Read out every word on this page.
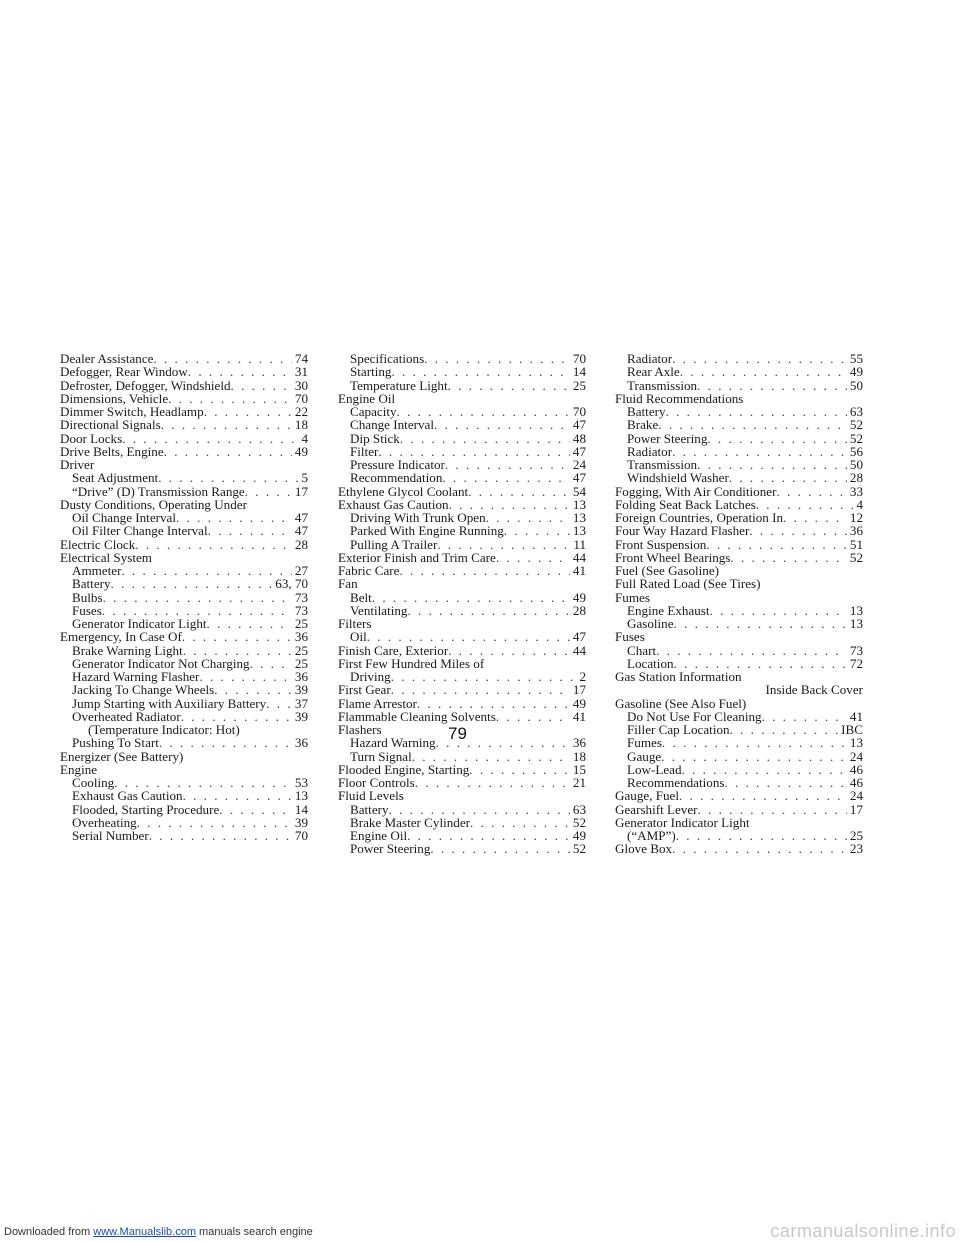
Downloaded from www.Manualslib.com manuals search engine
Dealer Assistance . . .	74
Defogger, Rear Window . . .	31
Defroster, Defogger, Windshield . . .	30
Dimensions, Vehicle . . .	70
Dimmer Switch, Headlamp . . .	22
Directional Signals . . .	18
Door Locks . . .	4
Drive Belts, Engine . . .	49
Driver
Seat Adjustment . . .	5
“Drive” (D) Transmission Range . . .	17
Dusty Conditions, Operating Under
Oil Change Interval . . .	47
Oil Filter Change Interval . . .	47
Electric Clock . . .	28
Electrical System
Ammeter . . .	27
Battery . . .	63, 70
Bulbs . . .	73
Fuses . . .	73
Generator Indicator Light . . .	25
Emergency, In Case Of . . .	36
Brake Warning Light . . .	25
Generator Indicator Not Charging . . .	25
Hazard Warning Flasher . . .	36
Jacking To Change Wheels . . .	39
Jump Starting with Auxiliary Battery . . . 37
Overheated Radiator . . .	39
(Temperature Indicator: Hot)
Pushing To Start . . .	36
Energizer (See Battery)
Engine
Cooling . . .	53
Exhaust Gas Caution . . .	13
Flooded, Starting Procedure . . .	14
Overheating . . .	39
Serial Number . . .	70
Specifications . . .	70
Starting . . .	14
Temperature Light . . .	25
Engine Oil
Capacity . . .	70
Change Interval . . .	47
Dip Stick . . .	48
Filter . . .	47
Pressure Indicator . . .	24
Recommendation . . .	47
Ethylene Glycol Coolant . . .	54
Exhaust Gas Caution . . .	13
Driving With Trunk Open . . .	13
Parked With Engine Running . . .	13
Pulling A Trailer . . .	11
Exterior Finish and Trim Care . . .	44
Fabric Care . . .	41
Fan
Belt . . .	49
Ventilating . . .	28
Filters
Oil . . .	47
Finish Care, Exterior . . .	44
First Few Hundred Miles of
Driving . . .	2
First Gear . . .	17
Flame Arrestor . . .	49
Flammable Cleaning Solvents . . .	41
Flashers
Hazard Warning . . .	36
Turn Signal . . .	18
Flooded Engine, Starting . . .	15
Floor Controls . . .	21
Fluid Levels
Battery . . .	63
Brake Master Cylinder . . .	52
Engine Oil . . .	49
Power Steering . . .	52
Radiator . . .	55
Rear Axle . . .	49
Transmission . . .	50
Fluid Recommendations
Battery . . .	63
Brake . . .	52
Power Steering . . .	52
Radiator . . .	56
Transmission . . .	50
Windshield Washer . . .	28
Fogging, With Air Conditioner . . .	33
Folding Seat Back Latches . . .	4
Foreign Countries, Operation In . . .	12
Four Way Hazard Flasher . . .	36
Front Suspension . . .	51
Front Wheel Bearings . . .	52
Fuel (See Gasoline)
Full Rated Load (See Tires)
Fumes
Engine Exhaust . . .	13
Gasoline . . .	13
Fuses
Chart . . .	73
Location . . .	72
Gas Station Information
Inside Back Cover
Gasoline (See Also Fuel)
Do Not Use For Cleaning . . .	41
Filler Cap Location . . .	IBC
Fumes . . .	13
Gauge . . .	24
Low-Lead . . .	46
Recommendations . . .	46
Gauge, Fuel . . .	24
Gearshift Lever . . .	17
Generator Indicator Light
(“AMP”) . . .	25
Glove Box . . .	23
79
carmanualsonline.info
